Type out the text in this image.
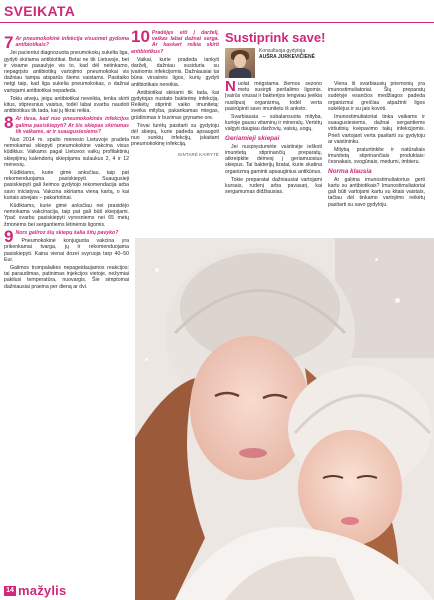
SVEIKATA
7 Ar pneumokokinė infekcija visuomet gydoma antibiotikais?

Jei pacientui diagnozuota pneumokokų sukelta liga, gydyti skiriama antibiotikai. Betai ne tik Lietuvoje, bet ir visame pasaulyje vis to, kad dėl netinkamo, nepagrįsto antibiotikų vartojimo pneumokokai vis dažniau tampa atsparūs šiems vaistams. Pasitaiko netgi taip, kad liga sukelia pneumokokas, o dažnai vartojami antibiotikai nepadeda.

Tokiu atveju, jeigu antibiotikai neveikia, tenka skirti kitus, stipresnius vaistus, todėl labai svarbu naudoti antibiotikus tik tada, kai jų tikrai reikia.

8 Ar tiesa, kad nuo pneumokokinės infekcijos galima pasiskiepyti? Ar šis skiepas skiriamas tik vaikams, ar ir suaugusiesiems?

Nuo 2014 m. spalio mėnesio Lietuvoje pradėta nemokamai skiepyti pneumokokine vakcina visus kūdikius. Vaikams pagal Lietuvos vaikų profilaktinių skiepijimų kalendorių skiepijama sulaukus 2, 4 ir 12 mėnesių.

Kūdikiams, kurie gimė anksčiau, taip pat rekomenduojama pasiskiepyti. Suaugusieji pasiskiepyti gali šeimos gydytojo rekomendacija arba savo iniciatyva. Vakcina skiriama vieną kartą, o kai kuriais atvejais – pakartotinai.

Kūdikiams, kurie gimė anksčiau nei prasidėjo nemokama vakcinacija, taip pat gali būti skiepijami. Ypač svarbu pasiskiepyti vyresniems nei 65 metų žmonėms bei sergantiems lėtinėmis ligomis.

9 Nors galiroz šių skiepų šalia šitų pavyko?

Pneumokokinė konjuguota vakcina yra prikenkamai tvarga, jų ir rekomenduojama pasiskiepyti. Kaina vienai dozei svyruoja tarp 40–50 Eur.

Galimos trumpalaikės nepageidaujamos reakcijos: tai paraudimas, patinimas injekcijos vietoje, nežymiai pakilusi temperatūra, nuovargis. Šie simptomai dažniausiai praeina per dieną ar dvi.

10 Pradėjęs eiti į darželį, vaikas labai dažnai serga. Ar kaskart reikia skirti antibiotikus?

Vaikai, kurie pradeda lankyti darželį, dažniau susiduria su įvairiomis infekcijomis. Dažniausiai tai būna virusinės ligos, kurių gydyti antibiotikais nereikia.

Antibiotikai skiriami tik tada, kai gydytojas nustato bakterinę infekciją. Reikėtų stiprinti vaiko imunitetą: sveika mityba, pakankamas miegas, grūdinimas ir buvimas gryname ore.

Tėvai turėtų pasitarti su gydytoju dėl skiepų, kurie padeda apsaugoti nuo sunkių infekcijų, įskaitant pneumokokinę infekciją.

GINTARĖ KAIRYTĖ
Sustiprink save!
Konsultuoja gydytoja
AUŠRA JURKEVIČIENĖ

Nuolat mėgstama žiemos sezono metu susirgti peršalimo ligomis. Įvairūs virusai ir bakterijos lengviau įveikia nusilpusį organizmą, todėl verta pasirūpinti savo imunitetu iš anksto.

Svarbiausia – subalansuota mityba, kurioje gausu vitaminų ir mineralų. Vertėtų valgyti daugiau daržovių, vaisių, uogų.

Geriamieji skiepai

Jei nuspręstumėte vaistinėje ieškoti imunitetą stiprinančių preparatų, atkreipkite dėmesį į geriamuosius skiepus. Tai bakterijų lizatai, kurie skatina organizmą gaminti apsauginius antikūnus.

Tokie preparatai dažniausiai vartojami kursais, rudenį arba pavasarį, kai sergamumas didžiausias.

Viena iš svarbiausių priemonių yra imunostimuliatoriai. Šių preparatų sudėtyje esančios medžiagos padeda organizmui greičiau atpažinti ligos sukėlėjus ir su jais kovoti.

Imunostimuliatoriai tinka vaikams ir suaugusiesiems, dažnai sergantiems viršutinių kvėpavimo takų infekcijomis. Prieš vartojant verta pasitarti su gydytoju ar vaistininku.

Mitybą praturtinkite ir natūraliais imunitetą stiprinančiais produktais: česnakais, svogūnais, medumi, imbieru.

Norma klausia

Ar galima imunostimuliatorius gerti kartu su antibiotikais? Imunostimuliatoriai gali būti vartojami kartu su kitais vaistais, tačiau dėl tinkamo vartojimo reikėtų pasitarti su savo gydytoju.

14 mažylis
